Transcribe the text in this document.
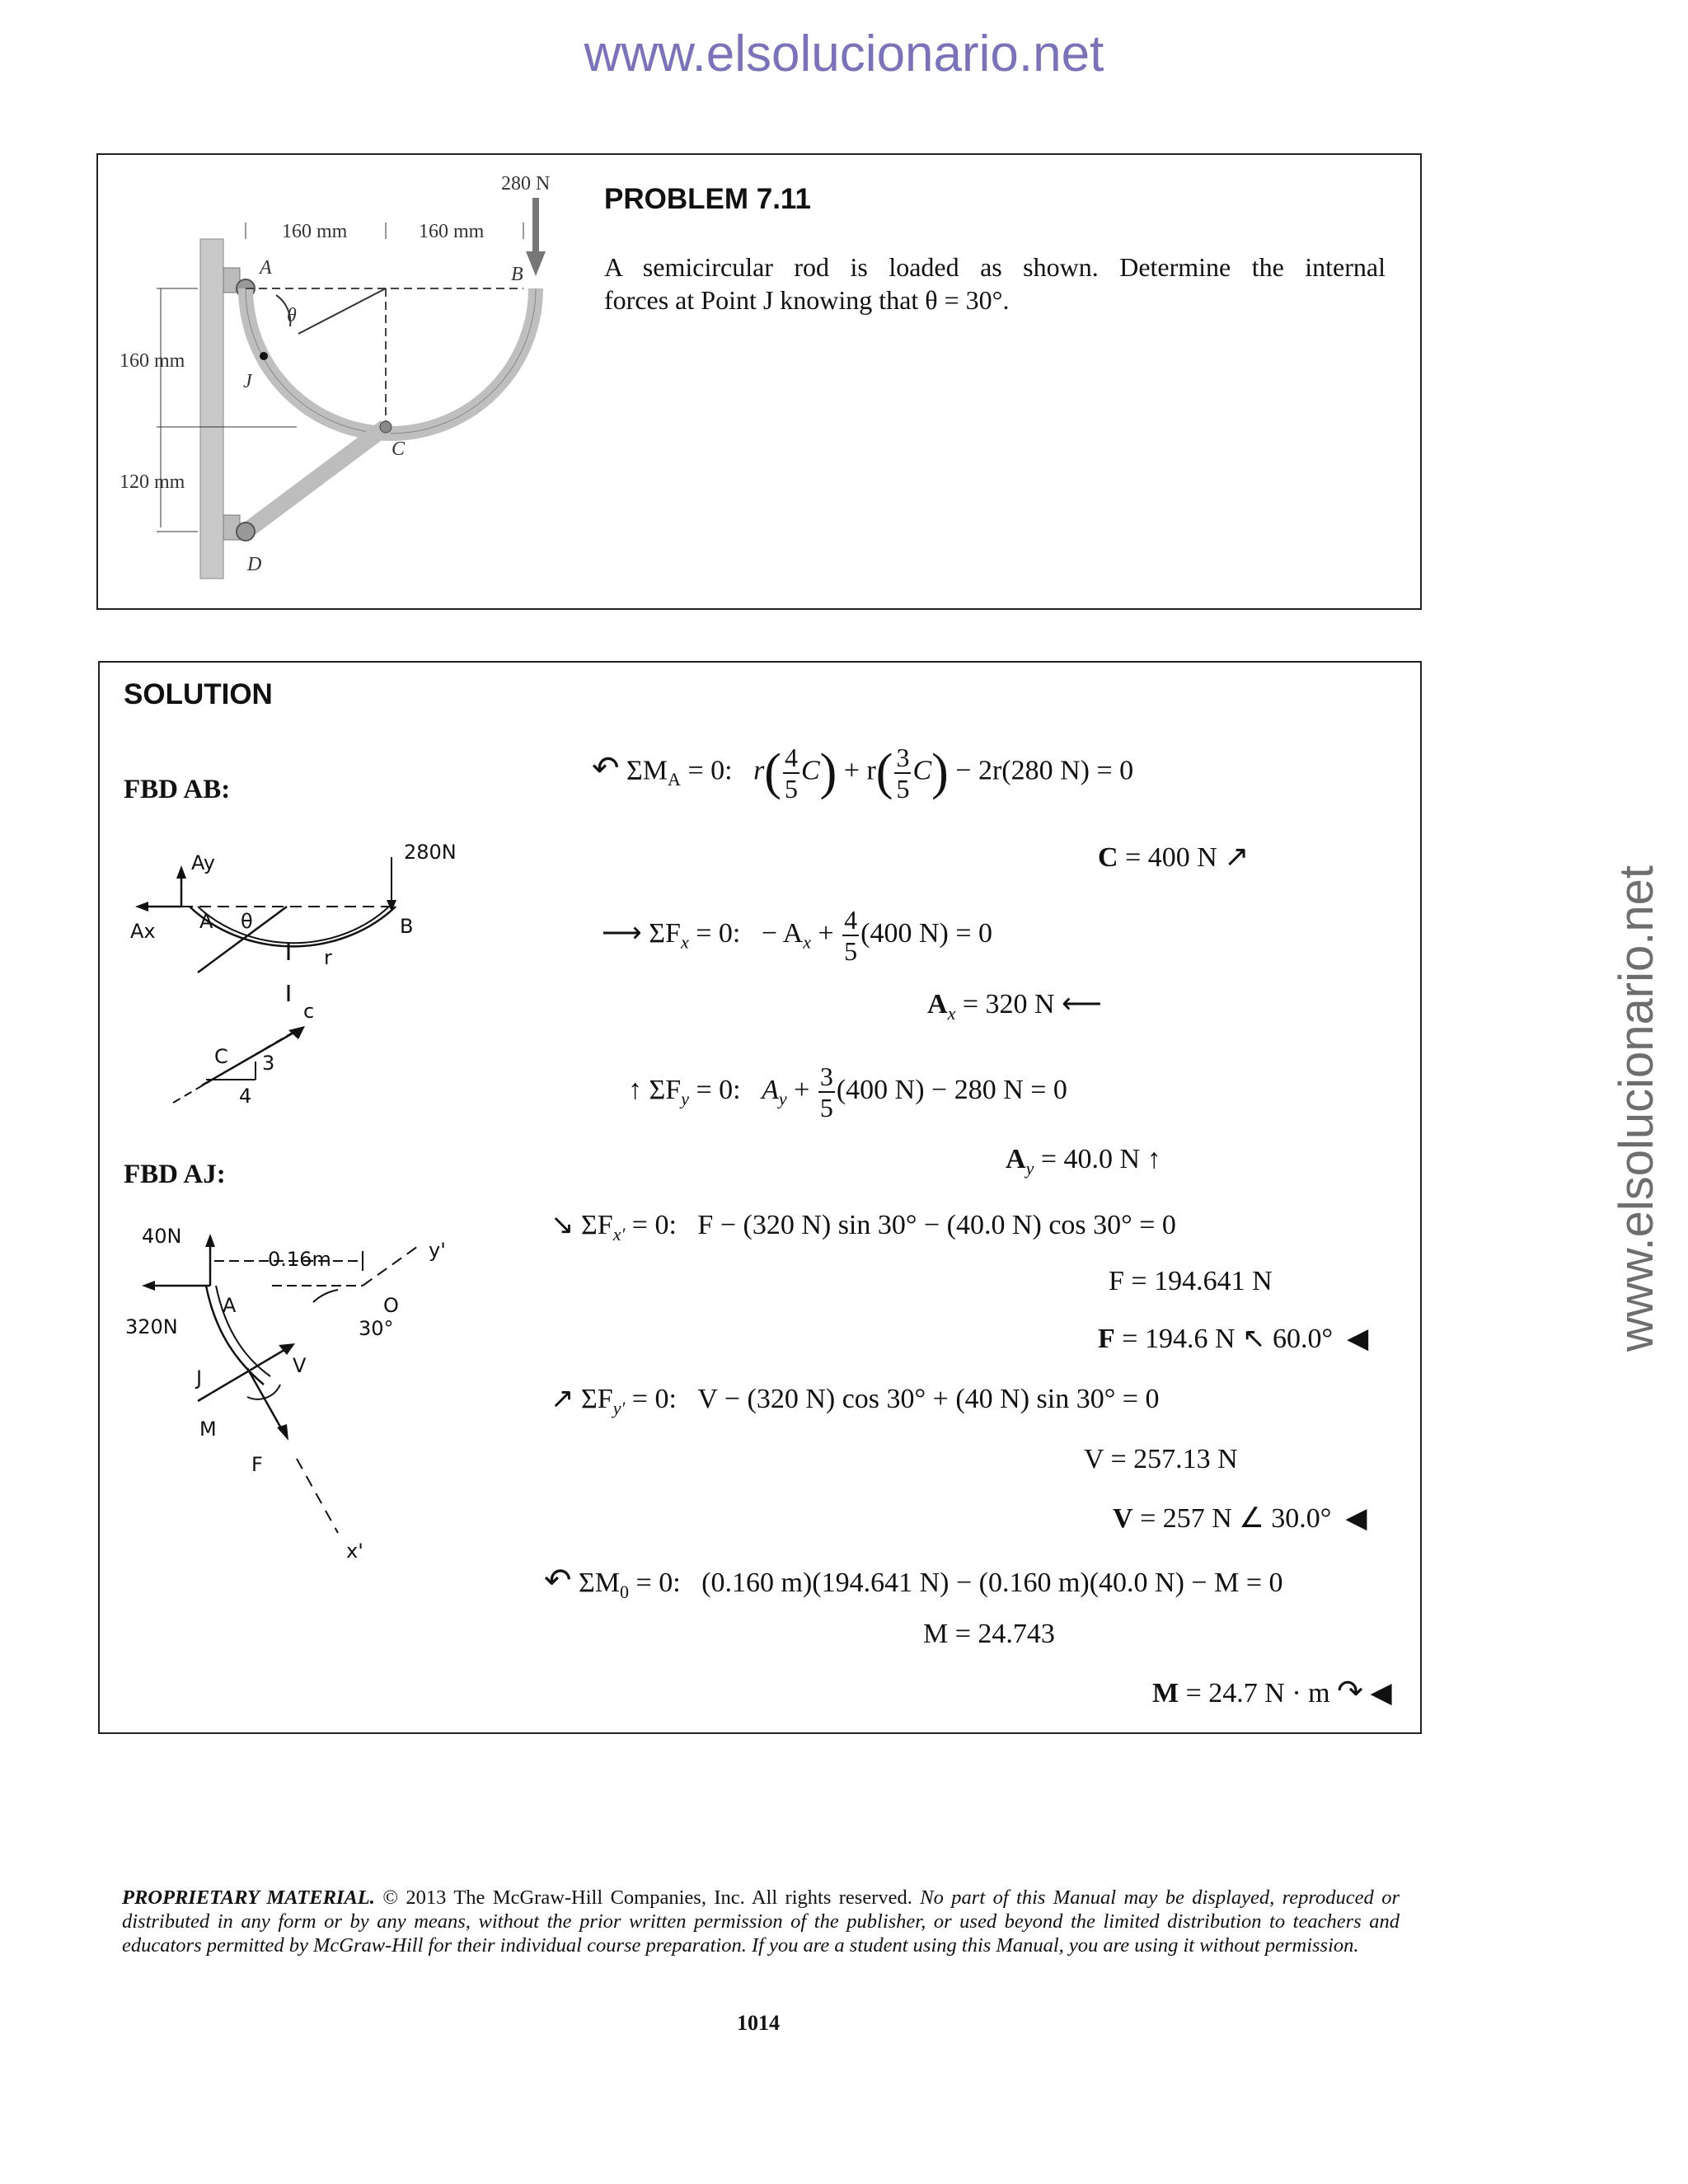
www.elsolucionario.net
www.elsolucionario.net
280 N
160 mm	160 mm
160 mm
120 mm
A	B
C
D
J
θ
PROBLEM 7.11
A semicircular rod is loaded as shown. Determine the internal
forces at Point J knowing that θ = 30°.
SOLUTION
FBD AB:
FBD AJ:
Ay
Ax A θ	B
280N
r
c
C 3
4
40N
320N
0.16m
A	O
y'
30°
J
V
M
F
x'
↶ $\Sigma M_A = 0$: $r( \frac{4}{5} C) + r( \frac{3}{5} C) - 2r(280$ N) = 0
C = 400 N ↗
⟶ $\Sigma F_x = 0$: − $A_x + \frac{4}{5} (400$ N) = 0
$A_x = 320$ N ⟵
↑ $\Sigma F_y = 0$: $A_y + \frac{3}{5} (400$ N) − 280 N = 0
$A_y = 40.0$ N ↑
↘ $\Sigma F_{x'} = 0$: F − (320 N) sin 30° − (40.0 N) cos 30° = 0
F = 194.641 N
F = 194.6 N ↖ 60.0° ◀
↗ $\Sigma F_{y'} = 0$: V − (320 N) cos 30° + (40 N) sin 30° = 0
V = 257.13 N
V = 257 N ∠ 30.0° ◀
↶ $\Sigma M_0 = 0$: (0.160 m)(194.641 N) − (0.160 m)(40.0 N) − M = 0
M = 24.743
M = 24.7 N · m ↷ ◀
PROPRIETARY MATERIAL. © 2013 The McGraw-Hill Companies, Inc. All rights reserved. No part of this Manual may be displayed, reproduced or distributed in any form or by any means, without the prior written permission of the publisher, or used beyond the limited distribution to teachers and educators permitted by McGraw-Hill for their individual course preparation. If you are a student using this Manual, you are using it without permission.
1014
